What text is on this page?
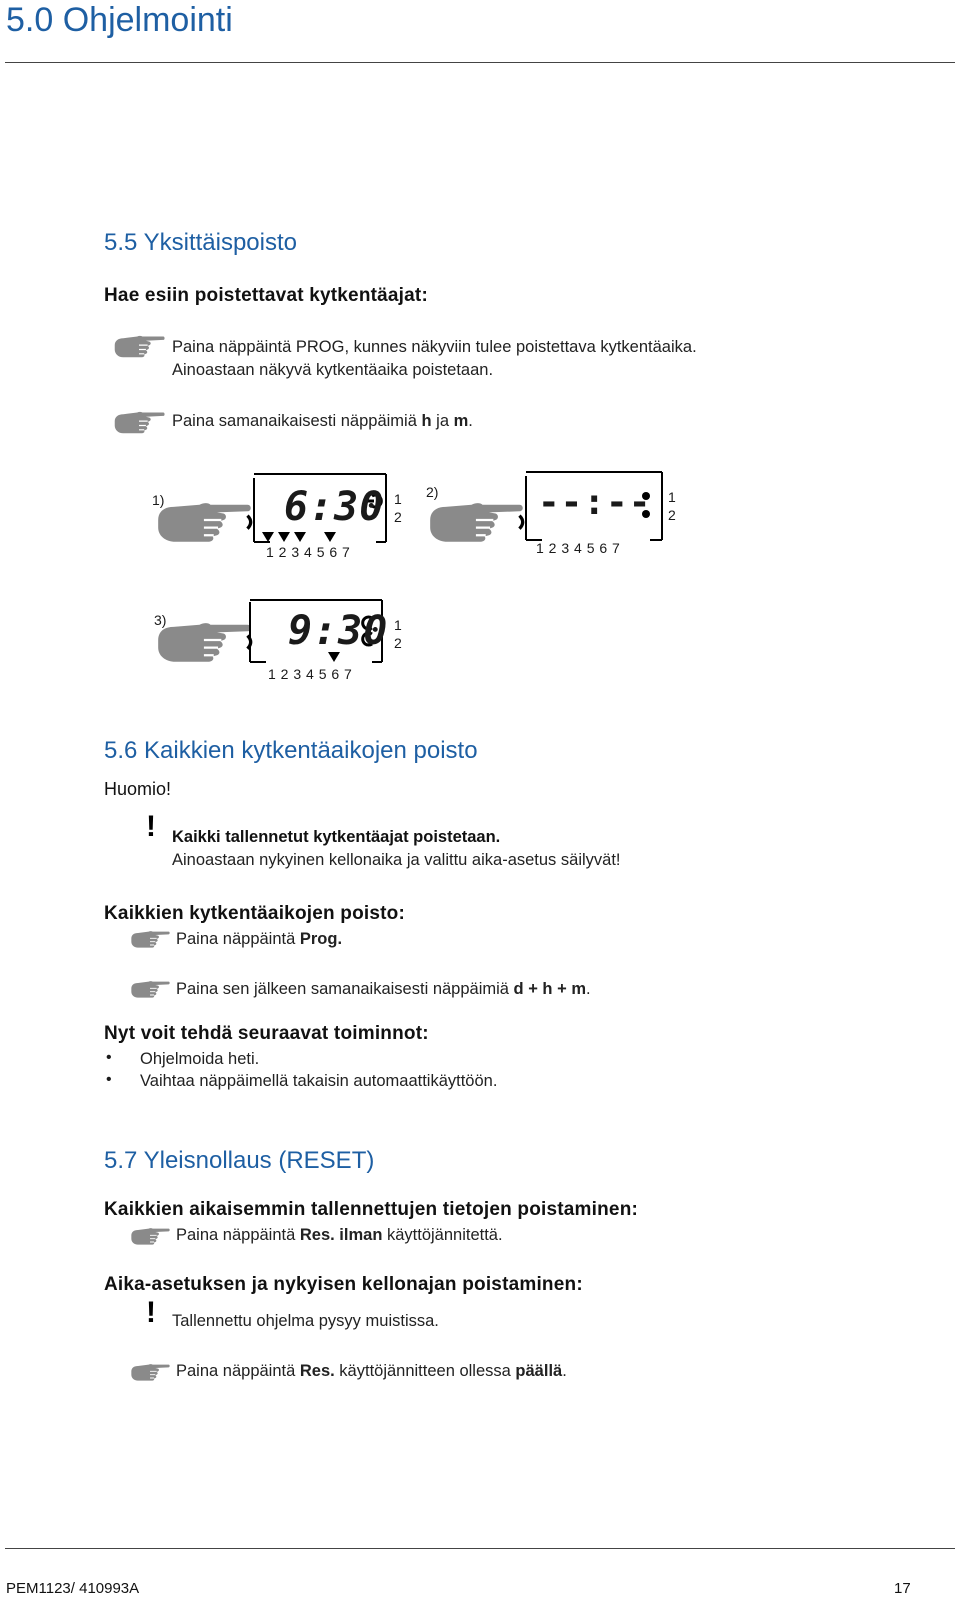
5.0 Ohjelmointi
5.5 Yksittäispoisto
Hae esiin poistettavat kytkentäajat:
Paina näppäintä PROG, kunnes näkyviin tulee poistettava kytkentäaika.
Ainoastaan näkyvä kytkentäaika poistetaan.
Paina samanaikaisesti näppäimiä h ja m.
1)	6:30 1
2
1 2 3 4 5 6 7
2)	--:-- 1
2
1 2 3 4 5 6 7
3)	9:30 1
2
1 2 3 4 5 6 7
5.6 Kaikkien kytkentäaikojen poisto
Huomio!
! Kaikki tallennetut kytkentäajat poistetaan.
Ainoastaan nykyinen kellonaika ja valittu aika-asetus säilyvät!
Kaikkien kytkentäaikojen poisto:
Paina näppäintä Prog.
Paina sen jälkeen samanaikaisesti näppäimiä d + h + m.
Nyt voit tehdä seuraavat toiminnot:
• Ohjelmoida heti.
• Vaihtaa näppäimellä takaisin automaattikäyttöön.
5.7 Yleisnollaus (RESET)
Kaikkien aikaisemmin tallennettujen tietojen poistaminen:
Paina näppäintä Res. ilman käyttöjännitettä.
Aika-asetuksen ja nykyisen kellonajan poistaminen:
! Tallennettu ohjelma pysyy muistissa.
Paina näppäintä Res. käyttöjännitteen ollessa päällä.
PEM1123/ 410993A	17
